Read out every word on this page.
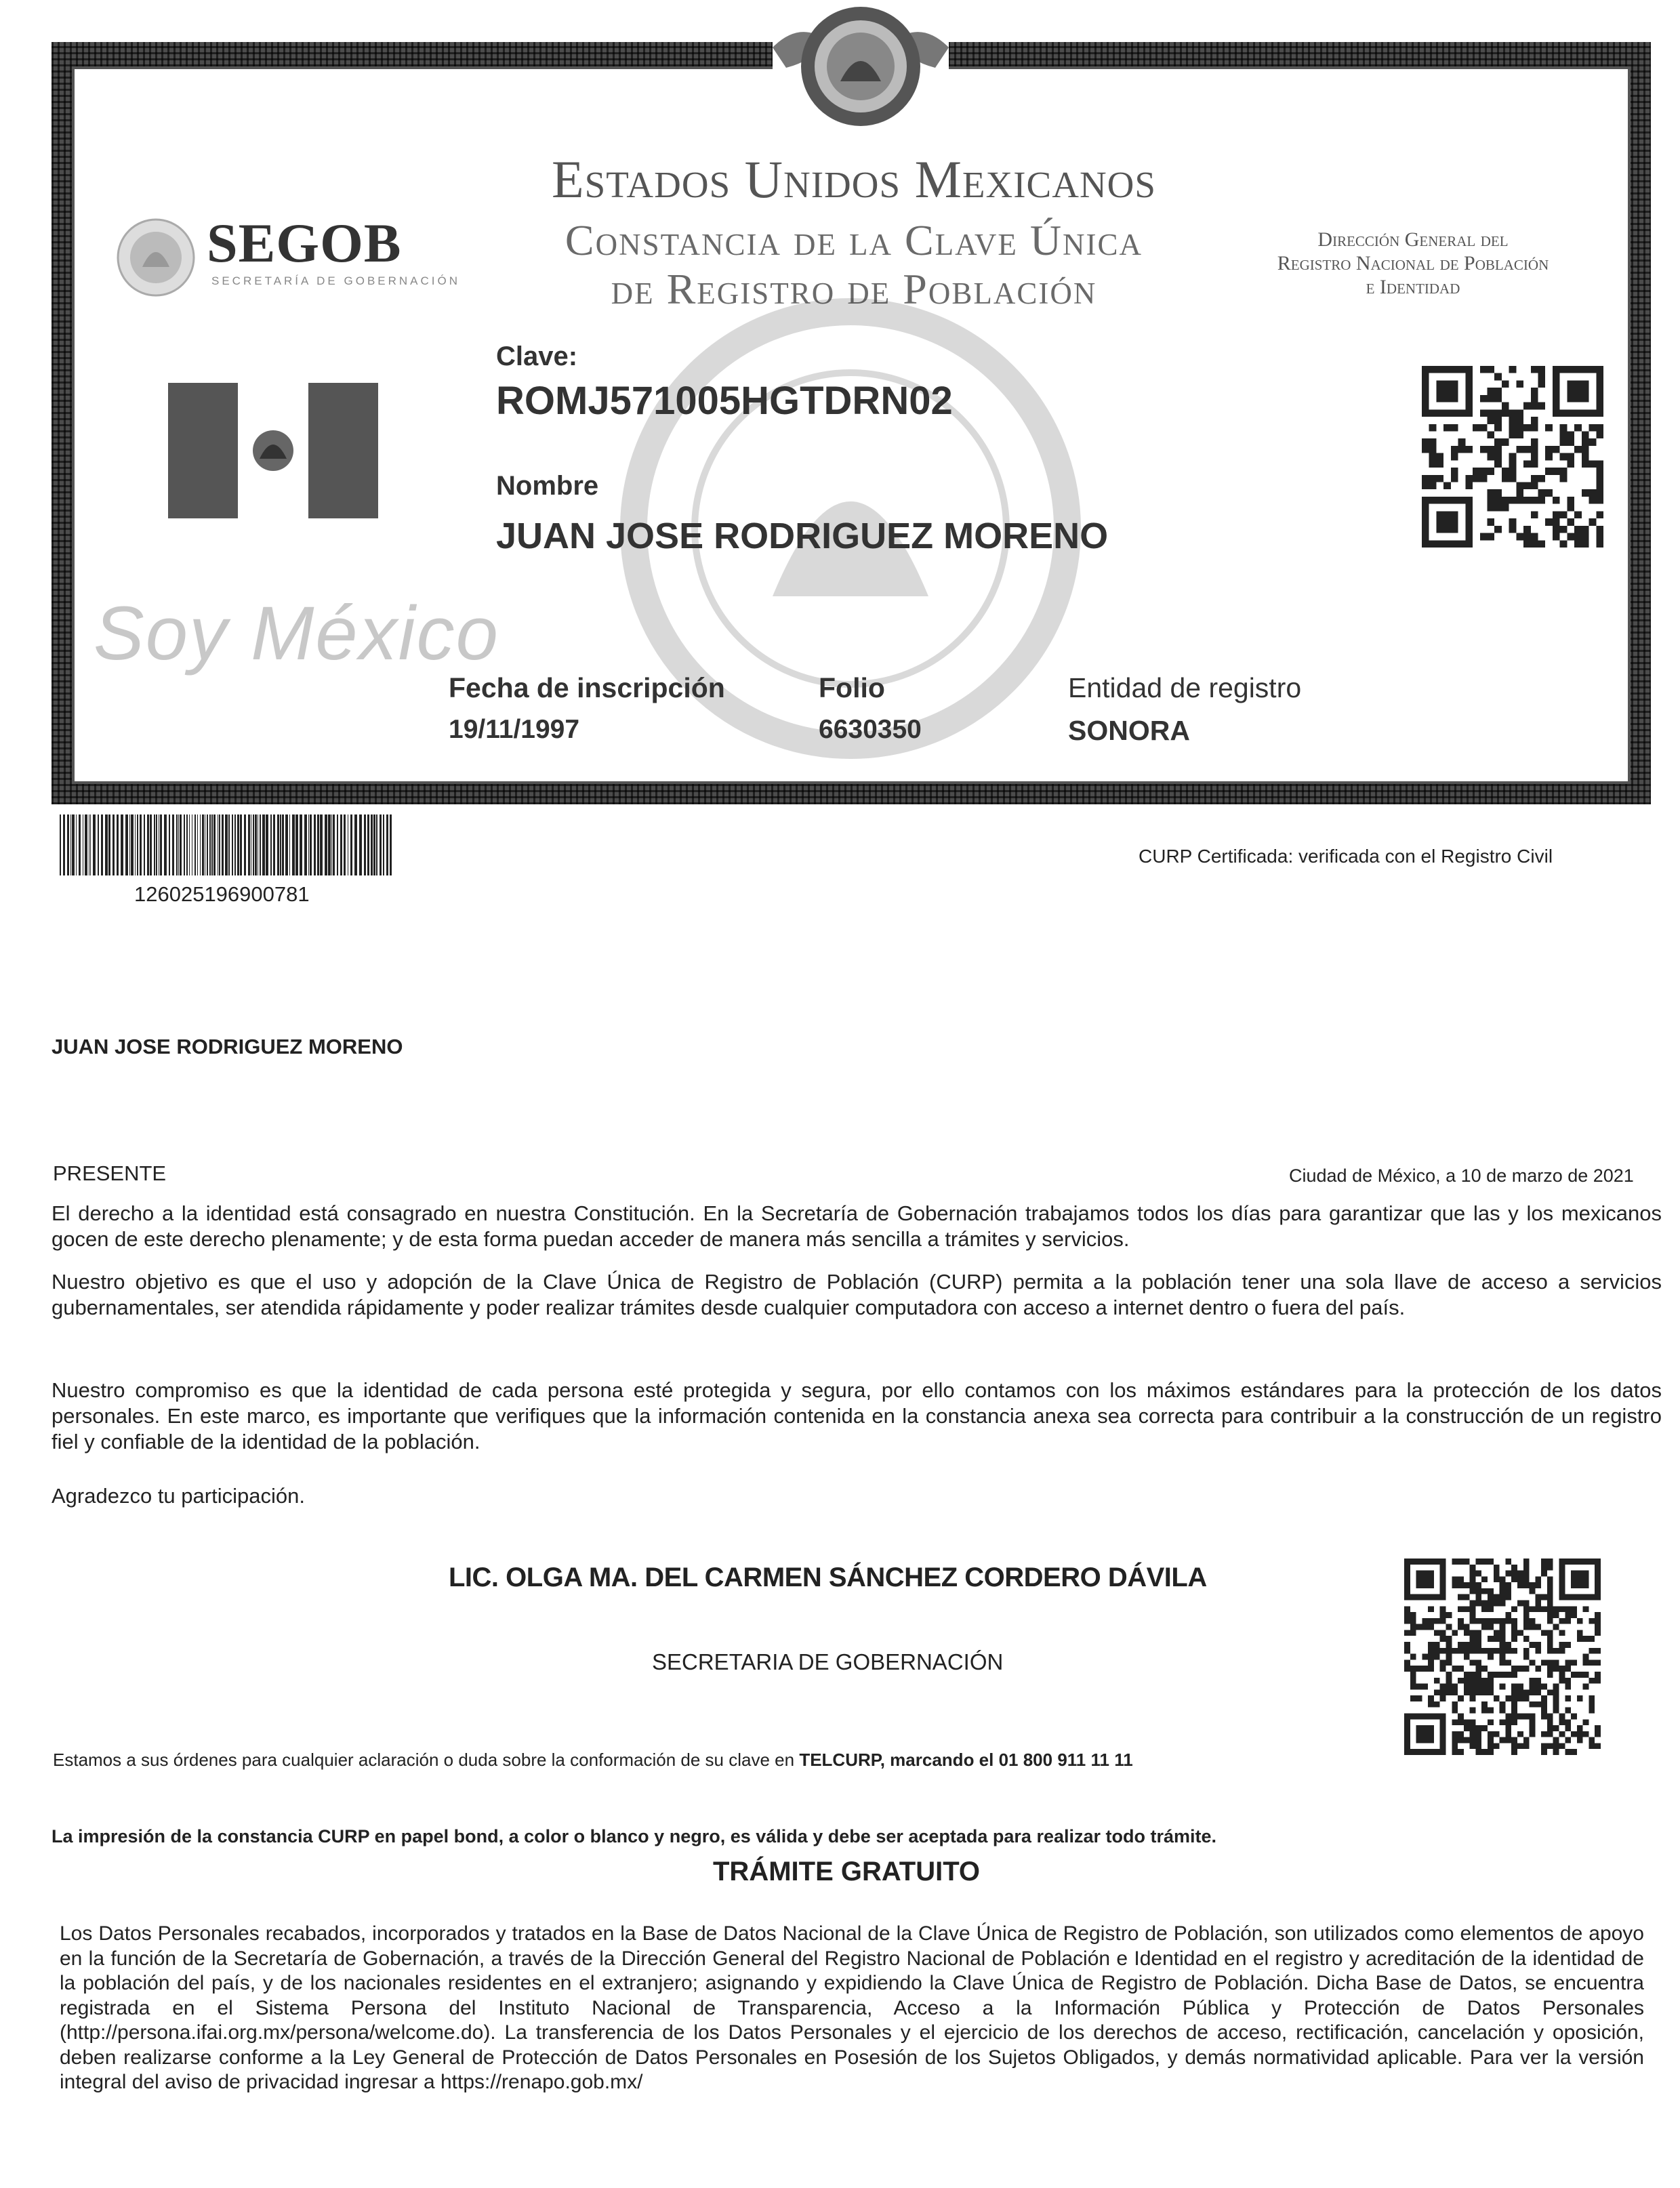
Estados Unidos Mexicanos
Constancia de la Clave Única
de Registro de Población
Dirección General del
Registro Nacional de Población
e Identidad
SEGOB
SECRETARÍA DE GOBERNACIÓN
Soy México
Clave:
ROMJ571005HGTDRN02
Nombre
JUAN JOSE RODRIGUEZ MORENO
Fecha de inscripción
19/11/1997
Folio
6630350
Entidad de registro
SONORA
126025196900781
CURP Certificada: verificada con el Registro Civil
JUAN JOSE RODRIGUEZ MORENO
PRESENTE	Ciudad de México, a 10 de marzo de 2021
El derecho a la identidad está consagrado en nuestra Constitución. En la Secretaría de Gobernación trabajamos todos los días para garantizar que las y los mexicanos gocen de este derecho plenamente; y de esta forma puedan acceder de manera más sencilla a trámites y servicios.
Nuestro objetivo es que el uso y adopción de la Clave Única de Registro de Población (CURP) permita a la población tener una sola llave de acceso a servicios gubernamentales, ser atendida rápidamente y poder realizar trámites desde cualquier computadora con acceso a internet dentro o fuera del país.
Nuestro compromiso es que la identidad de cada persona esté protegida y segura, por ello contamos con los máximos estándares para la protección de los datos personales. En este marco, es importante que verifiques que la información contenida en la constancia anexa sea correcta para contribuir a la construcción de un registro fiel y confiable de la identidad de la población.
Agradezco tu participación.
LIC. OLGA MA. DEL CARMEN SÁNCHEZ CORDERO DÁVILA
SECRETARIA DE GOBERNACIÓN
Estamos a sus órdenes para cualquier aclaración o duda sobre la conformación de su clave en TELCURP, marcando el 01 800 911 11 11
La impresión de la constancia CURP en papel bond, a color o blanco y negro, es válida y debe ser aceptada para realizar todo trámite.
TRÁMITE GRATUITO
Los Datos Personales recabados, incorporados y tratados en la Base de Datos Nacional de la Clave Única de Registro de Población, son utilizados como elementos de apoyo en la función de la Secretaría de Gobernación, a través de la Dirección General del Registro Nacional de Población e Identidad en el registro y acreditación de la identidad de la población del país, y de los nacionales residentes en el extranjero; asignando y expidiendo la Clave Única de Registro de Población. Dicha Base de Datos, se encuentra registrada en el Sistema Persona del Instituto Nacional de Transparencia, Acceso a la Información Pública y Protección de Datos Personales (http://persona.ifai.org.mx/persona/welcome.do). La transferencia de los Datos Personales y el ejercicio de los derechos de acceso, rectificación, cancelación y oposición, deben realizarse conforme a la Ley General de Protección de Datos Personales en Posesión de los Sujetos Obligados, y demás normatividad aplicable. Para ver la versión integral del aviso de privacidad ingresar a https://renapo.gob.mx/
